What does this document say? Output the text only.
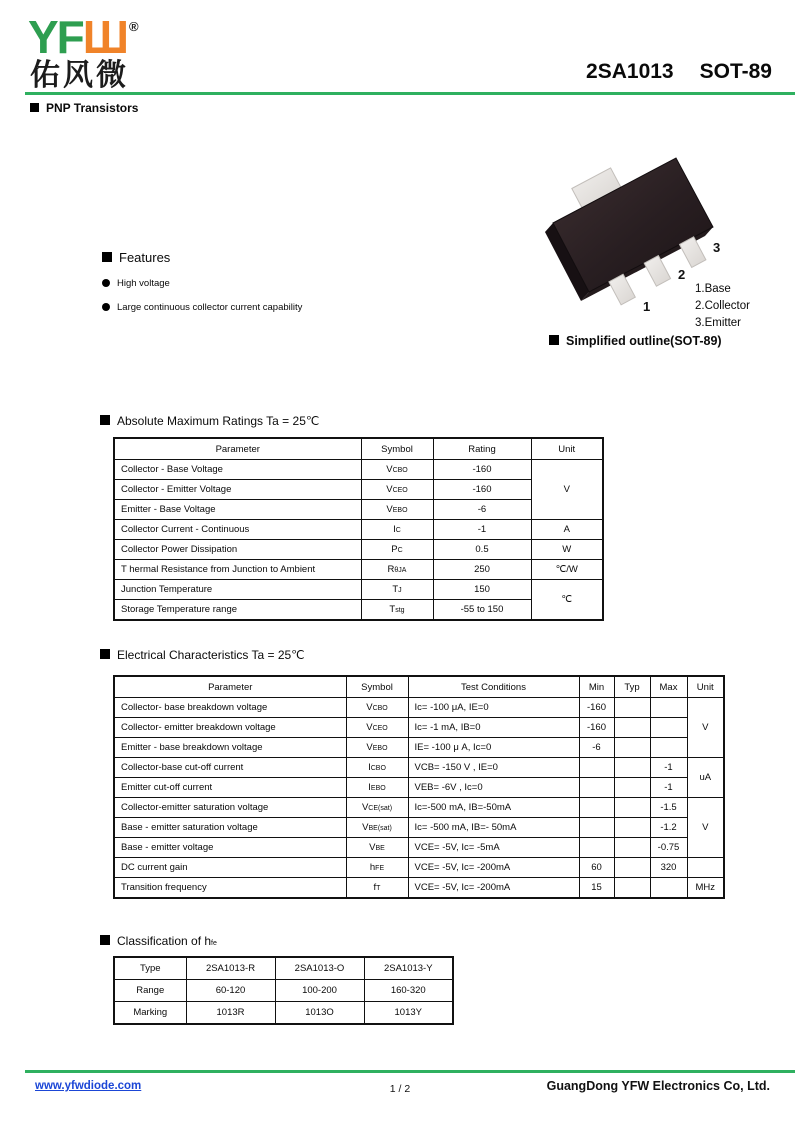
YFШ ®
佑风微	2SA1013 SOT-89
PNP Transistors
Features
High voltage
Large continuous collector current capability	1
2
3
1.Base
2.Collector
3.Emitter
Simplified outline(SOT-89)
Absolute Maximum Ratings Ta = 25℃
Parameter	Symbol	Rating	Unit
Collector - Base Voltage	VCBO	-160	V
Collector - Emitter Voltage	VCEO	-160	
Emitter - Base Voltage	VEBO	-6	
Collector Current - Continuous	IC	-1	A
Collector Power Dissipation	PC	0.5	W
T hermal Resistance from Junction to Ambient	RθJA	250	℃/W
Junction Temperature	TJ	150	℃
Storage Temperature range	Tstg	-55 to 150	
Electrical Characteristics Ta = 25℃
Parameter	Symbol	Test Conditions	Min	Typ	Max	Unit
Collector- base breakdown voltage	VCBO	Ic= -100 μA, IE=0	-160			V
Collector- emitter breakdown voltage	VCEO	Ic= -1 mA, IB=0	-160			
Emitter - base breakdown voltage	VEBO	IE= -100 μ A, Ic=0	-6			
Collector-base cut-off current	ICBO	VCB= -150 V , IE=0			-1	uA
Emitter cut-off current	IEBO	VEB= -6V , Ic=0			-1	
Collector-emitter saturation voltage	VCE(sat)	Ic=-500 mA, IB=-50mA			-1.5	V
Base - emitter saturation voltage	VBE(sat)	Ic= -500 mA, IB=- 50mA			-1.2	
Base - emitter voltage	VBE	VCE= -5V, Ic= -5mA			-0.75	
DC current gain	hFE	VCE= -5V, Ic= -200mA	60		320	
Transition frequency	fT	VCE= -5V, Ic= -200mA	15			MHz
Classification of hfe
Type	2SA1013-R	2SA1013-O	2SA1013-Y
Range	60-120	100-200	160-320
Marking	1013R	1013O	1013Y
www.yfwdiode.com	1 / 2	GuangDong YFW Electronics Co, Ltd.
